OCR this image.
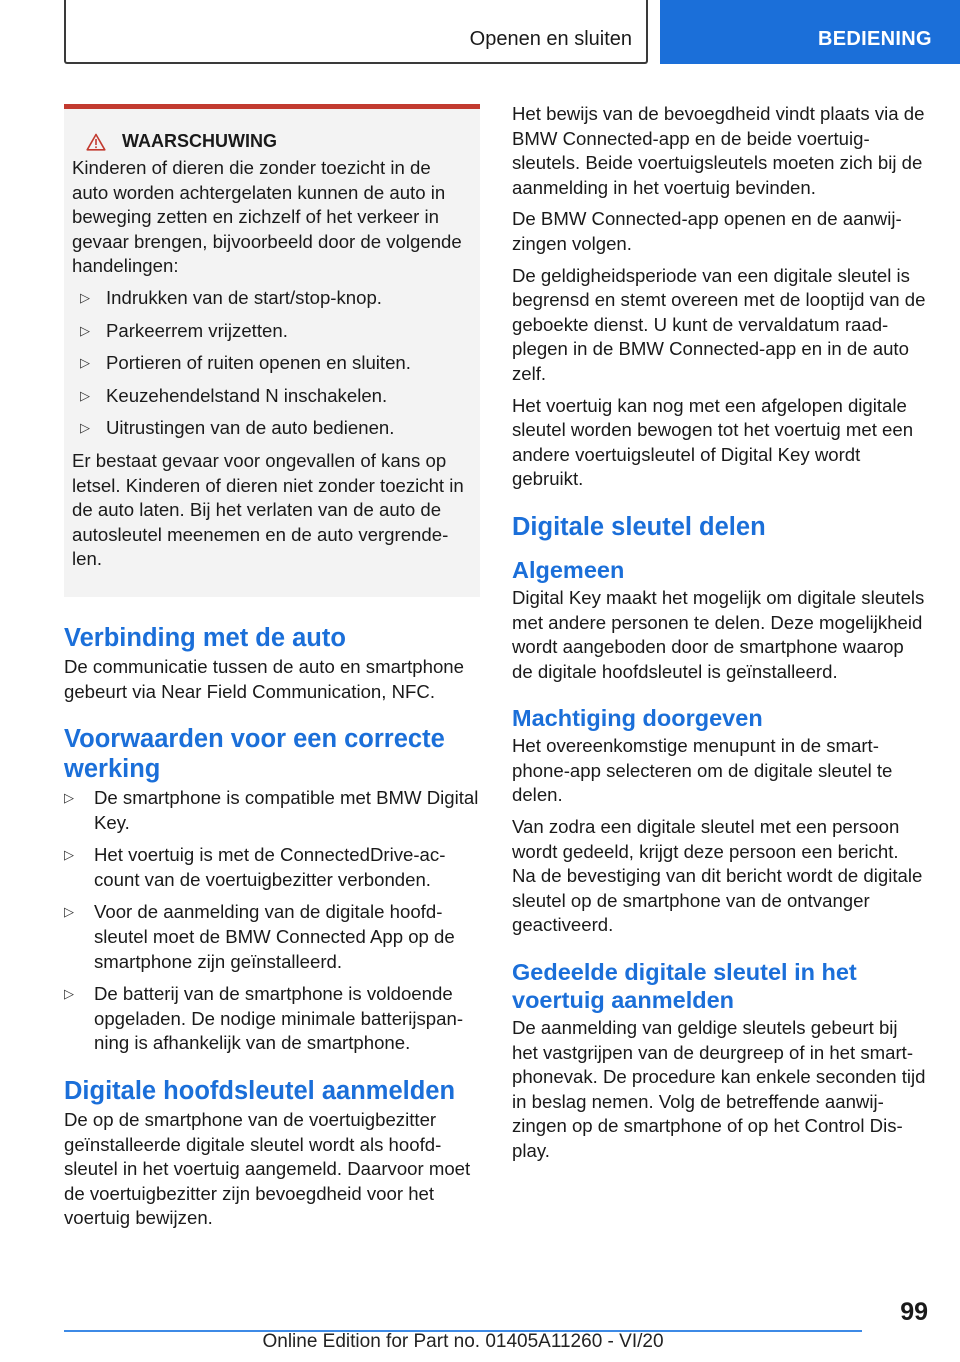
Openen en sluiten	BEDIENING
WAARSCHUWING

Kinderen of dieren die zonder toezicht in de auto worden achtergelaten kunnen de auto in beweging zetten en zichzelf of het verkeer in gevaar brengen, bijvoorbeeld door de volgende handelingen:

▷ Indrukken van de start/stop-knop.
▷ Parkeerrem vrijzetten.
▷ Portieren of ruiten openen en sluiten.
▷ Keuzehendelstand N inschakelen.
▷ Uitrustingen van de auto bedienen.

Er bestaat gevaar voor ongevallen of kans op letsel. Kinderen of dieren niet zonder toezicht in de auto laten. Bij het verlaten van de auto de autosleutel meenemen en de auto vergrendelen.

Verbinding met de auto

De communicatie tussen de auto en smartphone gebeurt via Near Field Communication, NFC.

Voorwaarden voor een correcte werking
▷ De smartphone is compatible met BMW Digital Key.
▷ Het voertuig is met de ConnectedDrive-account van de voertuigbezitter verbonden.
▷ Voor de aanmelding van de digitale hoofdsleutel moet de BMW Connected App op de smartphone zijn geïnstalleerd.
▷ De batterij van de smartphone is voldoende opgeladen. De nodige minimale batterijspanning is afhankelijk van de smartphone.
Digitale hoofdsleutel aanmelden

De op de smartphone van de voertuigbezitter geïnstalleerde digitale sleutel wordt als hoofdsleutel in het voertuig aangemeld. Daarvoor moet de voertuigbezitter zijn bevoegdheid voor het voertuig bewijzen.

Het bewijs van de bevoegdheid vindt plaats via de BMW Connected-app en de beide voertuigsleutels. Beide voertuigsleutels moeten zich bij de aanmelding in het voertuig bevinden.

De BMW Connected-app openen en de aanwijzingen volgen.

De geldigheidsperiode van een digitale sleutel is begrensd en stemt overeen met de looptijd van de geboekte dienst. U kunt de vervaldatum raadplegen in de BMW Connected-app en in de auto zelf.

Het voertuig kan nog met een afgelopen digitale sleutel worden bewogen tot het voertuig met een andere voertuigsleutel of Digital Key wordt gebruikt.

Digitale sleutel delen
Algemeen

Digital Key maakt het mogelijk om digitale sleutels met andere personen te delen. Deze mogelijkheid wordt aangeboden door de smartphone waarop de digitale hoofdsleutel is geïnstalleerd.

Machtiging doorgeven

Het overeenkomstige menupunt in de smartphone-app selecteren om de digitale sleutel te delen.

Van zodra een digitale sleutel met een persoon wordt gedeeld, krijgt deze persoon een bericht. Na de bevestiging van dit bericht wordt de digitale sleutel op de smartphone van de ontvanger geactiveerd.

Gedeelde digitale sleutel in het voertuig aanmelden

De aanmelding van geldige sleutels gebeurt bij het vastgrijpen van de deurgreep of in het smartphonevak. De procedure kan enkele seconden tijd in beslag nemen. Volg de betreffende aanwijzingen op de smartphone of op het Control Display.

99
Online Edition for Part no. 01405A11260 - VI/20
